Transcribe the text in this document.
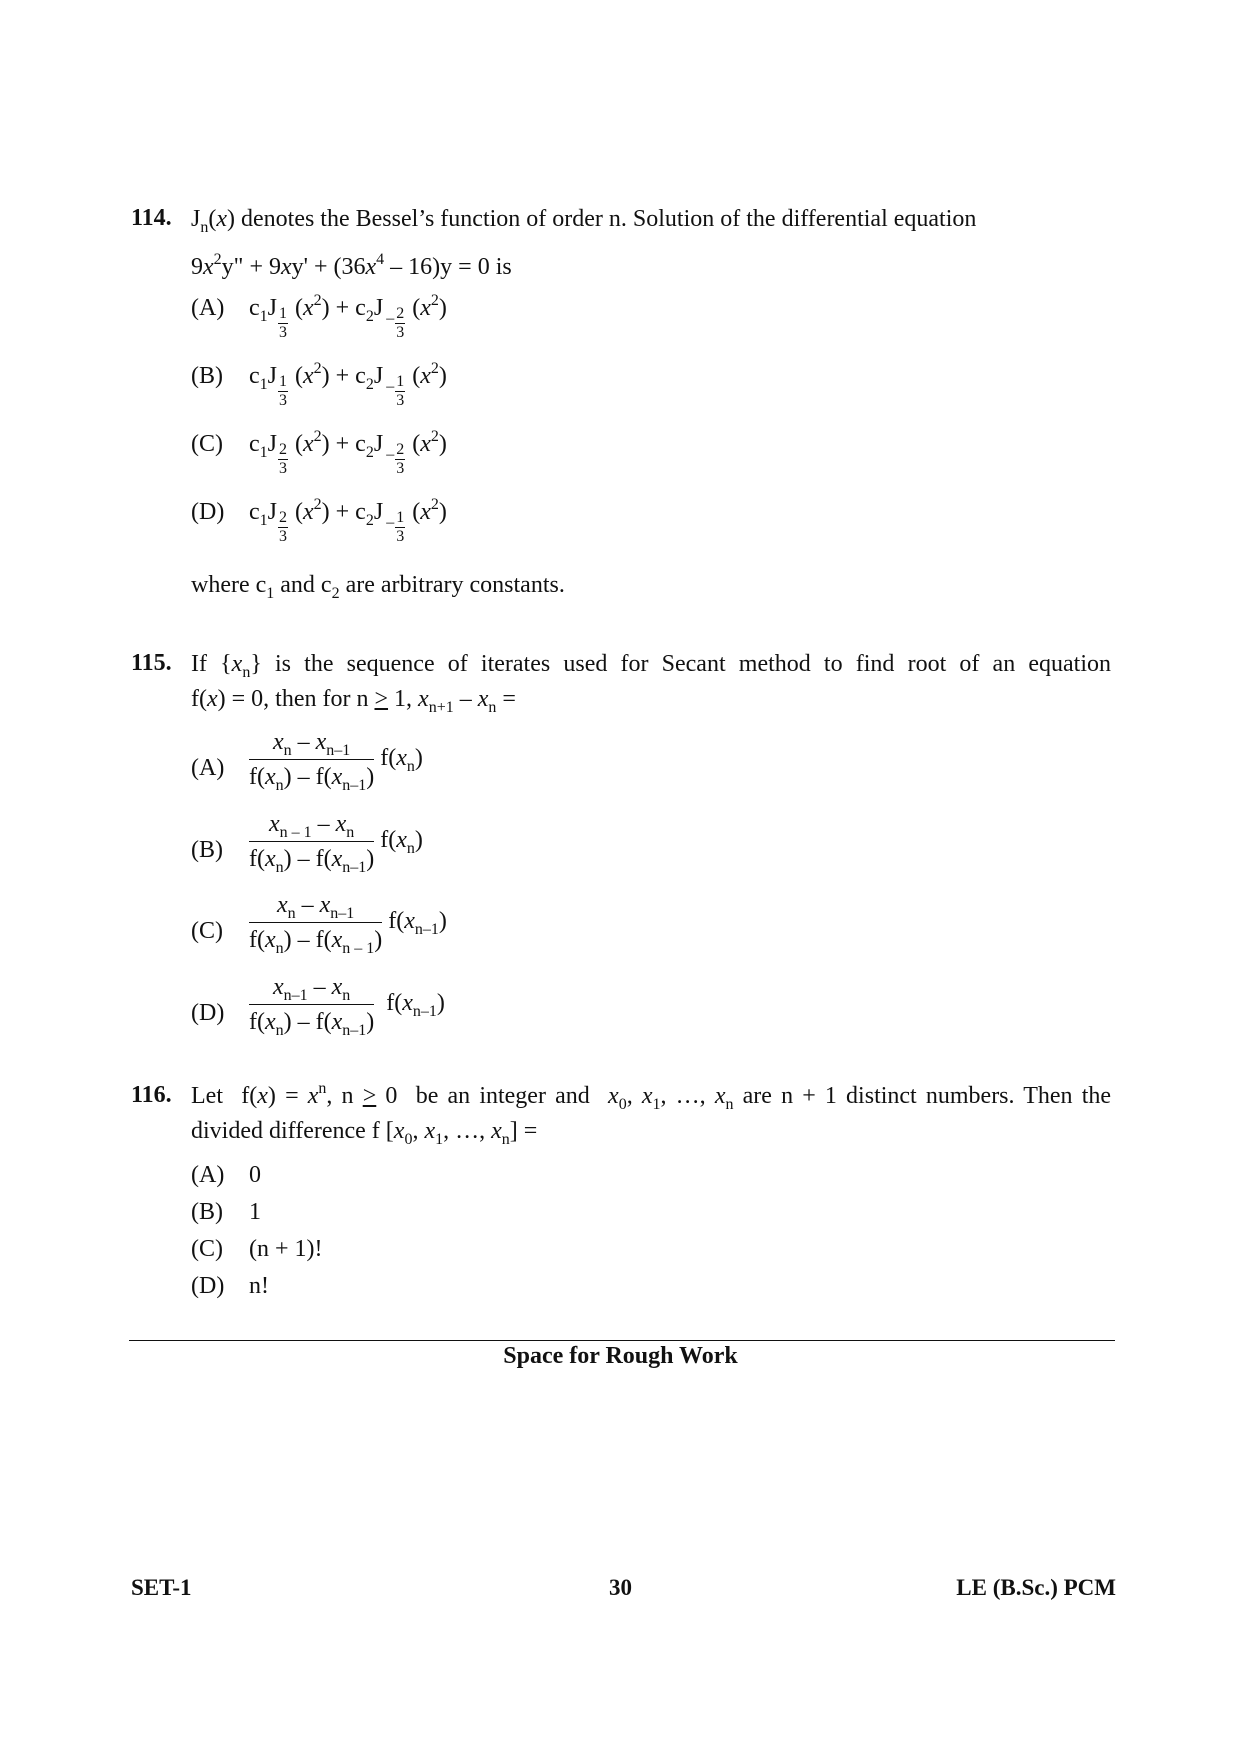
114. $J_n(x)$ denotes the Bessel’s function of order n. Solution of the differential equation
$9x^2y$" + $9xy' + (36x^4 - 16)y = 0$ is
(A) $c_1J \frac{1}{3} (x^2) + c_2J$ $_- \frac{2}{3} (x^2)$
(B) $c_1J \frac{1}{3} (x^2) + c_2J$ $_- \frac{1}{3} (x^2)$
(C) $c_1J \frac{2}{3} (x^2) + c_2J$ $_- \frac{2}{3} (x^2)$
(D) $c_1J \frac{2}{3} (x^2) + c_2J$ $_- \frac{1}{3} (x^2)$
where $c_1$ and $c_2$ are arbitrary constants.
115. If $\{x_n\}$ is the sequence of iterates used for Secant method to find root of an equation
f(x) = 0, then for n > 1, $x_{n+1} - x_n$ =
$(A) \frac{x_n - x_{n-1}}{f(x_n) - f(x_{n-1})} f(x_n)$
$(B) \frac{x_{n - 1} - x_n}{f(x_n) - f(x_{n-1})} f(x_n)$
$(C) \frac{x_n - x_{n-1}}{f(x_n) - f(x_{n - 1})} f(x_{n-1})$
$(D) \frac{x_{n-1} - x_n}{f(x_n) - f(x_{n-1})} f(x_{n-1})$
116. Let  $f(x) = x^n$, n > 0  be an integer and  $x_0$, $x_1$, …, $x_n$ are n + 1 distinct numbers. Then the
divided difference f [$x_0$, $x_1$, …, $x_n$] =
(A) 0
(B) 1
(C) (n + 1)!
(D) n!
Space for Rough Work
SET-1	30	LE (B.Sc.) PCM
